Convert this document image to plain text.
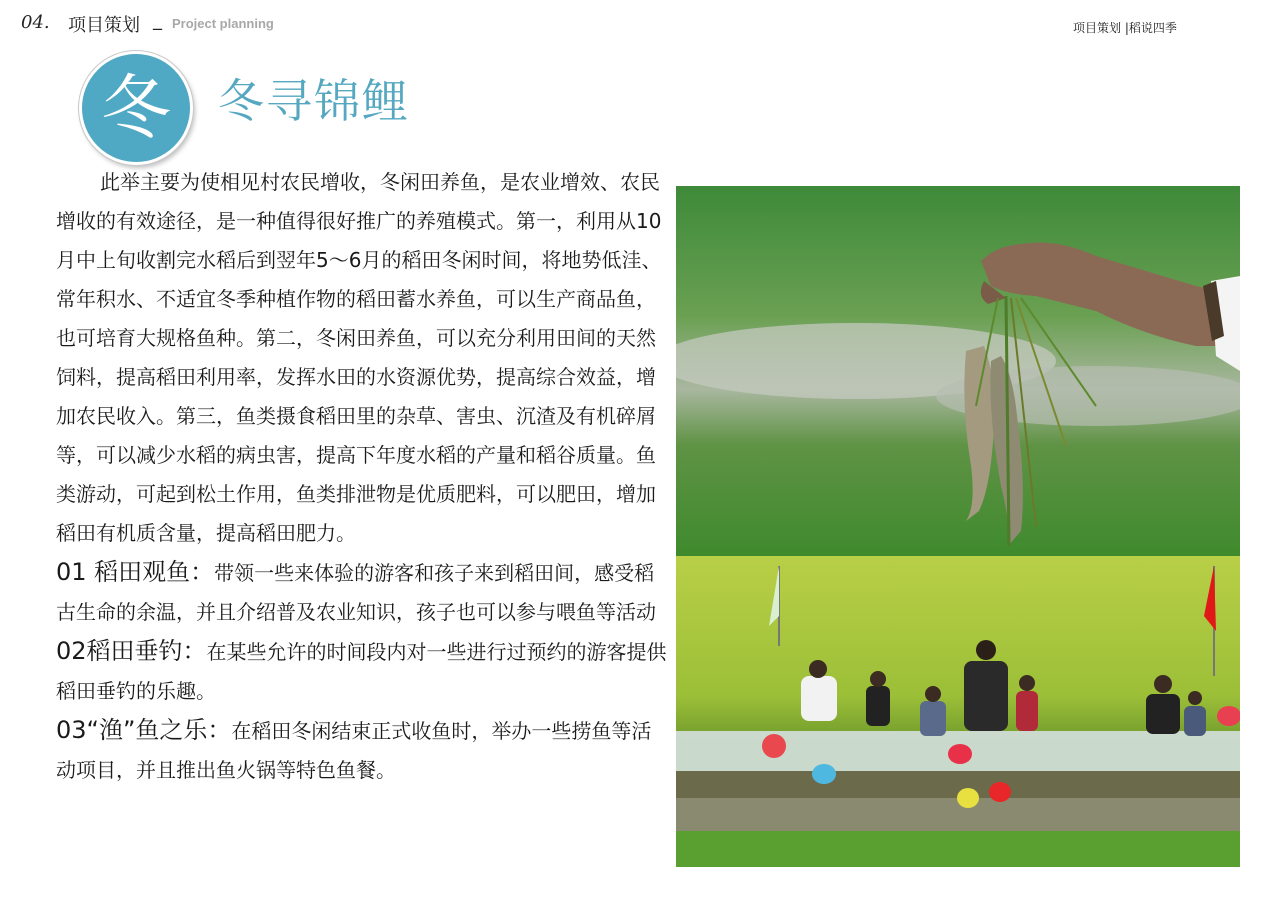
04. 项目策划 _ Project planning	项目策划 |稻说四季
冬 冬寻锦鲤

此举主要为使相见村农民增收，冬闲田养鱼，是农业增效、农民增收的有效途径，是一种值得很好推广的养殖模式。第一，利用从10月中上旬收割完水稻后到翌年5～6月的稻田冬闲时间，将地势低洼、常年积水、不适宜冬季种植作物的稻田蓄水养鱼，可以生产商品鱼，也可培育大规格鱼种。第二，冬闲田养鱼，可以充分利用田间的天然饲料，提高稻田利用率，发挥水田的水资源优势，提高综合效益，增加农民收入。第三，鱼类摄食稻田里的杂草、害虫、沉渣及有机碎屑等，可以减少水稻的病虫害，提高下年度水稻的产量和稻谷质量。鱼类游动，可起到松土作用，鱼类排泄物是优质肥料，可以肥田，增加稻田有机质含量，提高稻田肥力。

01 稻田观鱼：带领一些来体验的游客和孩子来到稻田间，感受稻古生命的余温，并且介绍普及农业知识，孩子也可以参与喂鱼等活动

02稻田垂钓：在某些允许的时间段内对一些进行过预约的游客提供稻田垂钓的乐趣。

03“渔”鱼之乐：在稻田冬闲结束正式收鱼时，举办一些捞鱼等活动项目，并且推出鱼火锅等特色鱼餐。
